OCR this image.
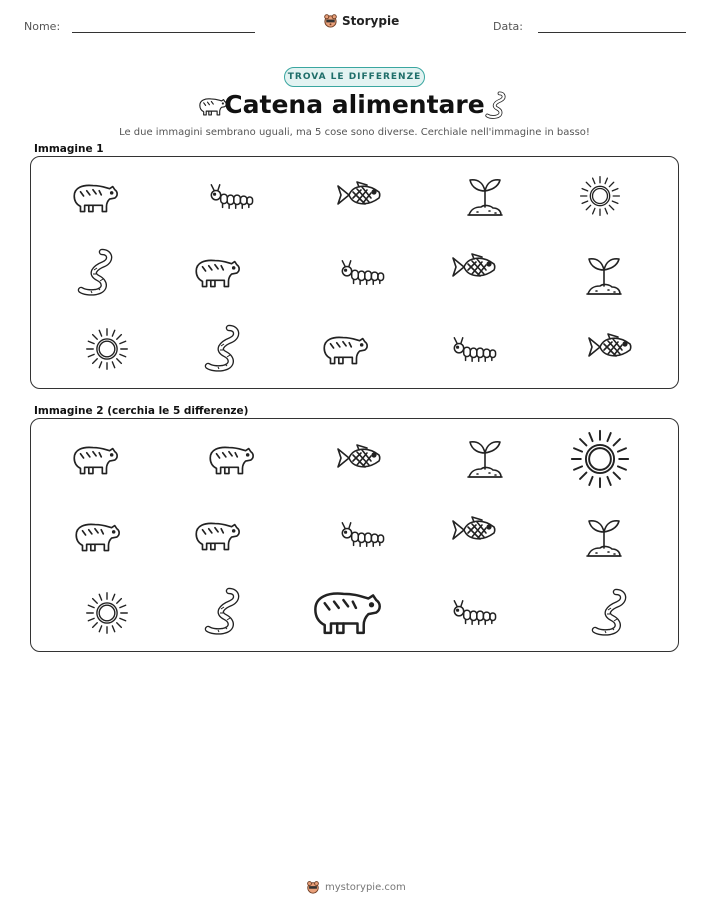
Nome:	Storypie	Data:
TROVA LE DIFFERENZE
Catena alimentare
Le due immagini sembrano uguali, ma 5 cose sono diverse. Cerchiale nell'immagine in basso!
Immagine 1
Immagine 2 (cerchia le 5 differenze)
mystorypie.com
